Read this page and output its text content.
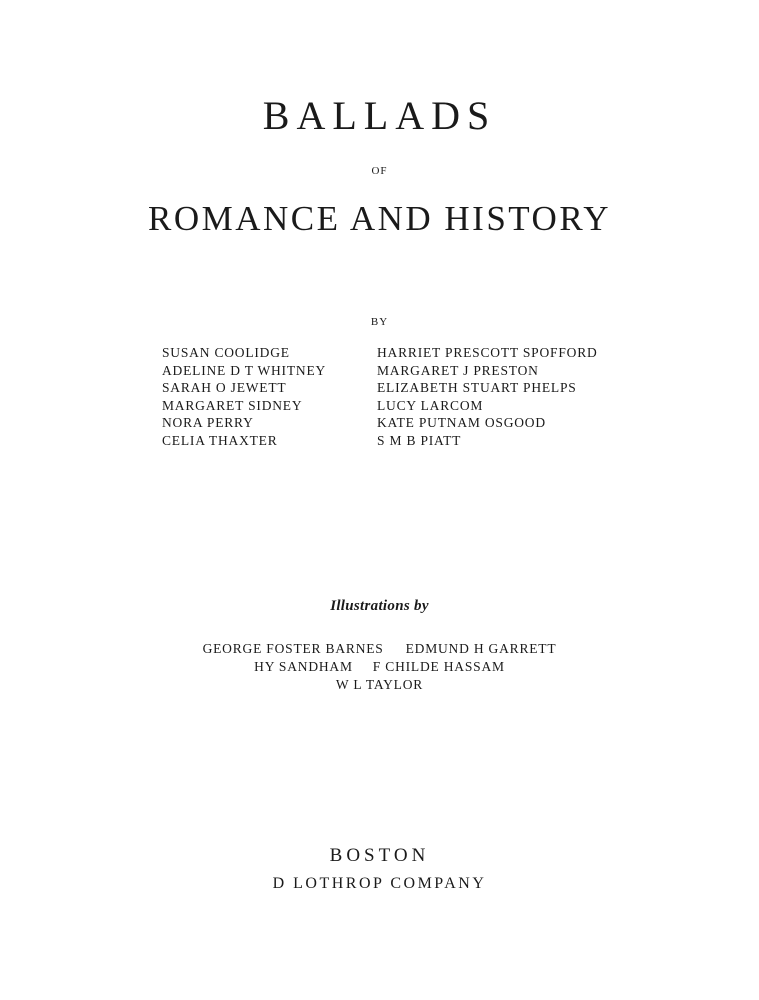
BALLADS
OF
ROMANCE AND HISTORY
BY
SUSAN COOLIDGE
ADELINE D T WHITNEY
SARAH O JEWETT
MARGARET SIDNEY
NORA PERRY
CELIA THAXTER
HARRIET PRESCOTT SPOFFORD
MARGARET J PRESTON
ELIZABETH STUART PHELPS
LUCY LARCOM
KATE PUTNAM OSGOOD
S M B PIATT
Illustrations by
GEORGE FOSTER BARNES EDMUND H GARRETT
HY SANDHAM F CHILDE HASSAM
W L TAYLOR
BOSTON
D LOTHROP COMPANY
